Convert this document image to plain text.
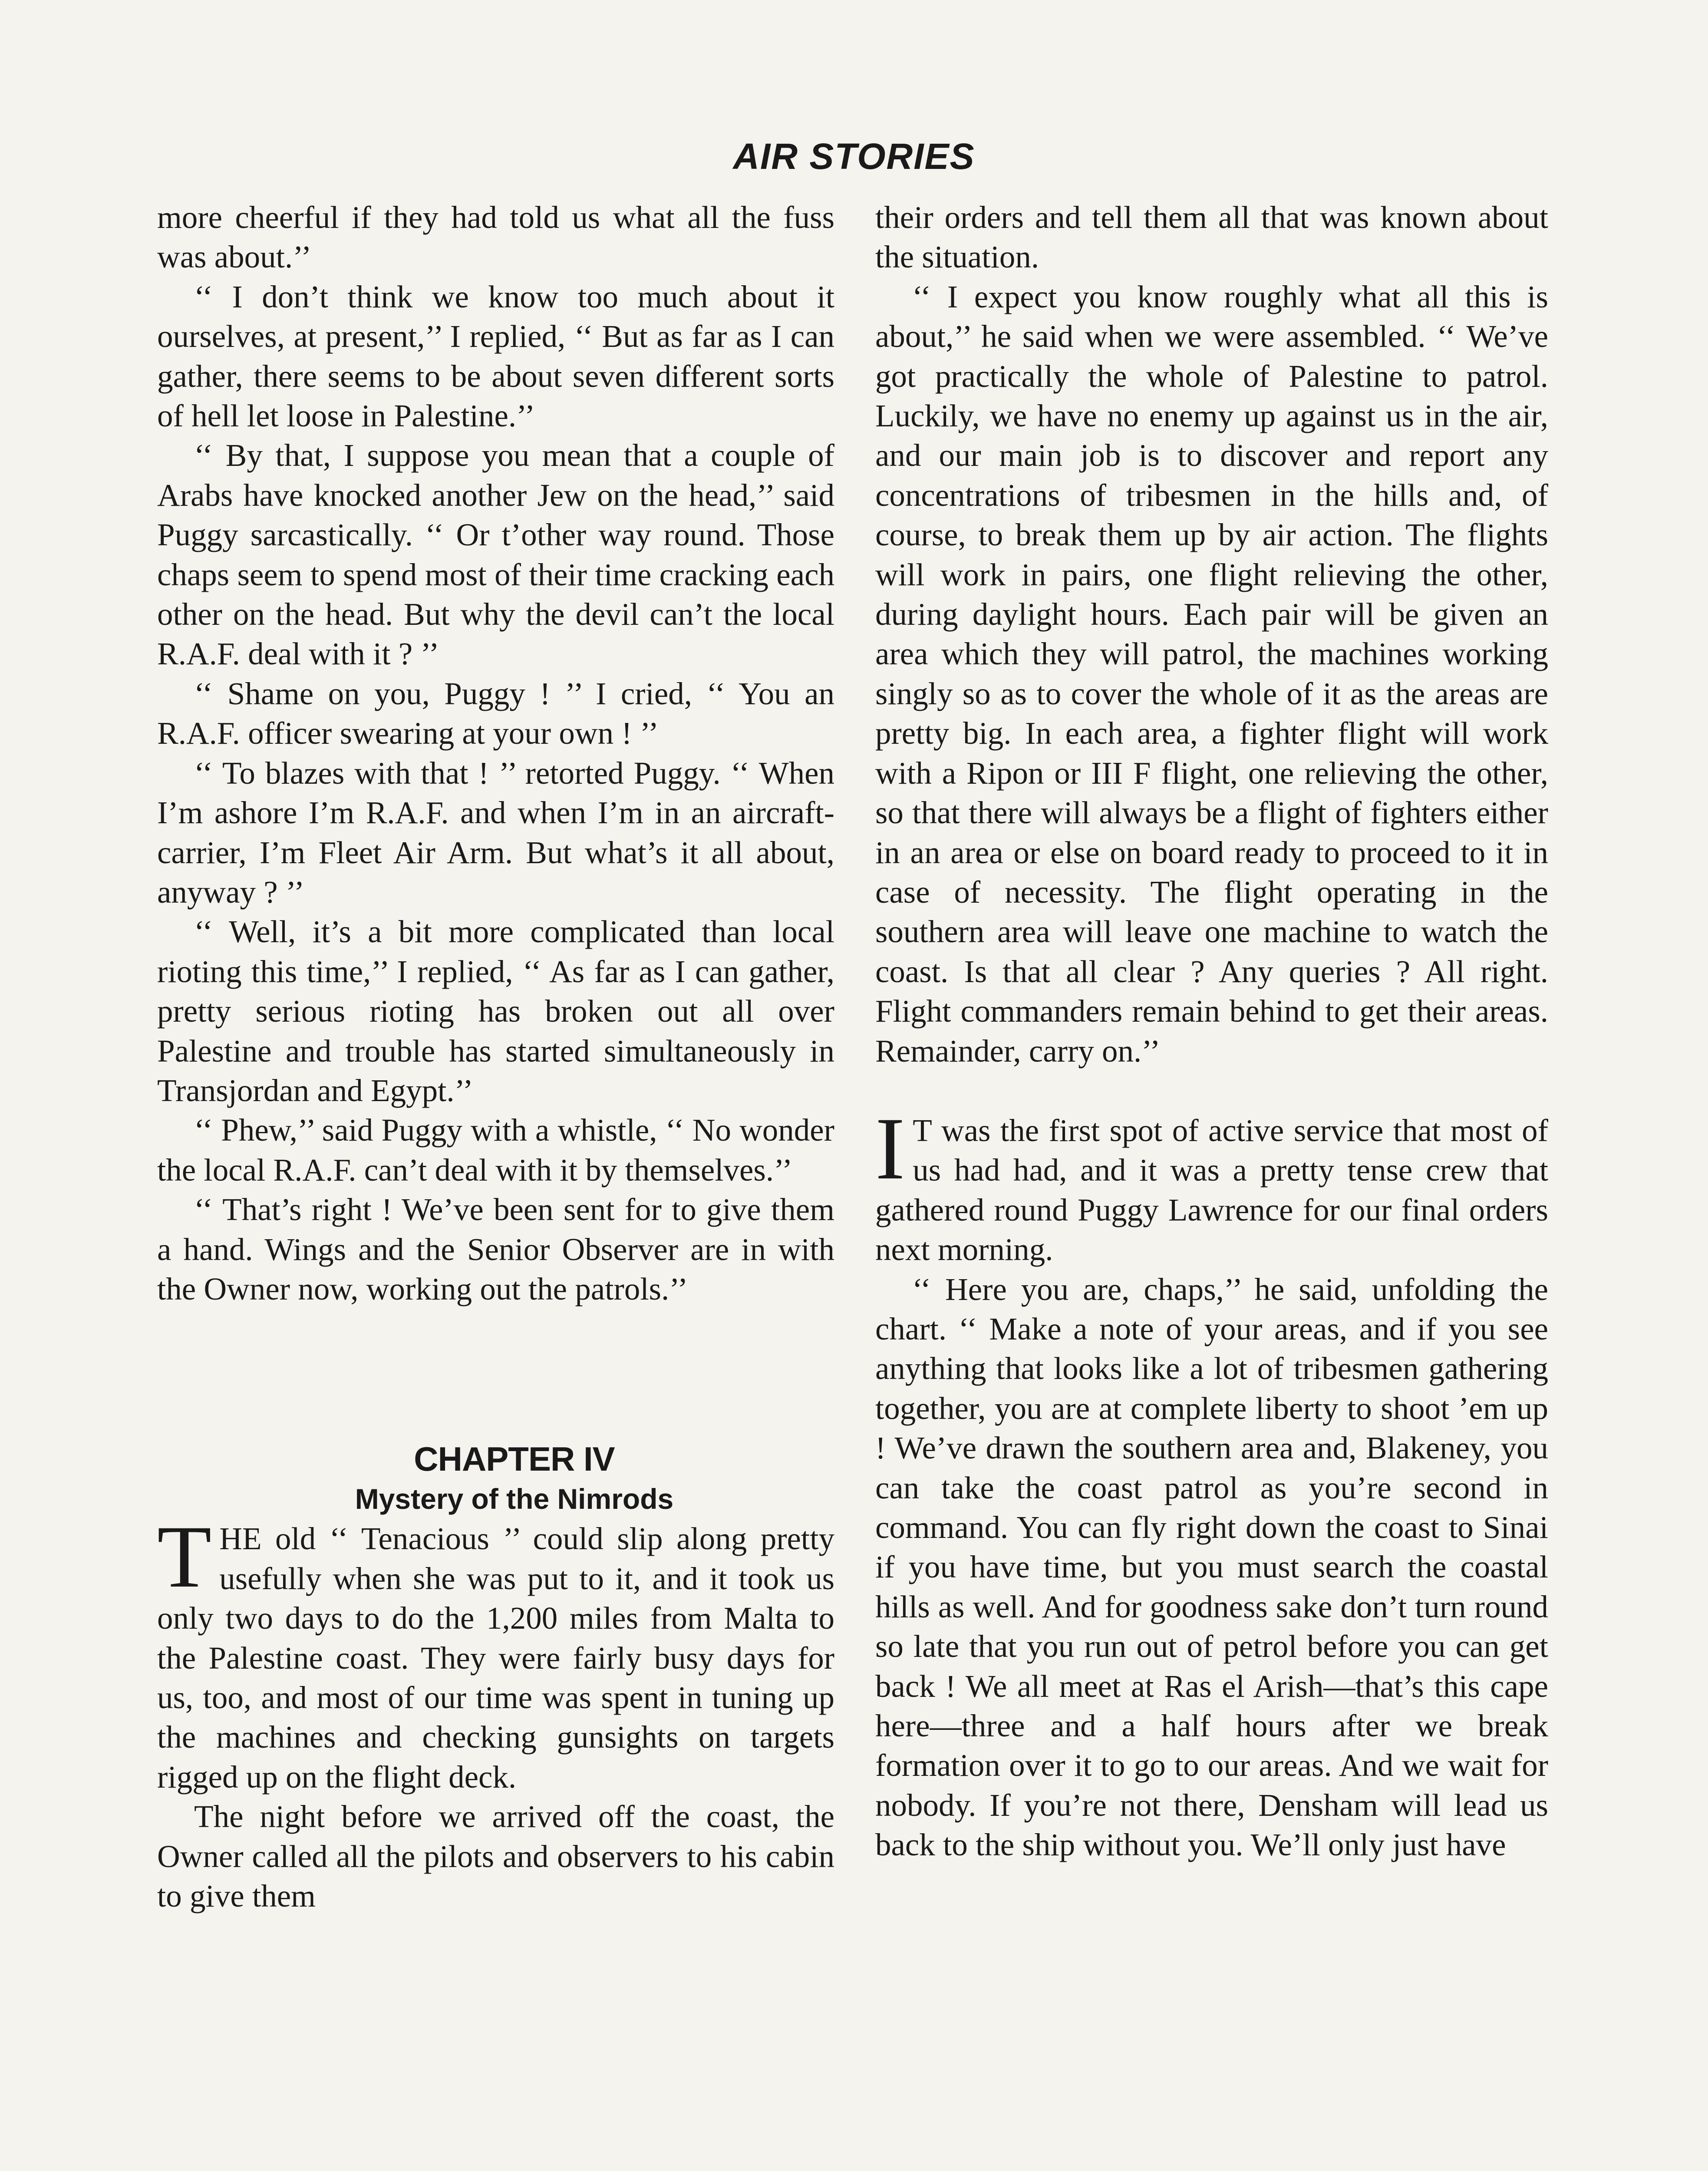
AIR STORIES

more cheerful if they had told us what all the fuss was about.’’

‘‘ I don’t think we know too much about it ourselves, at present,’’ I replied, ‘‘ But as far as I can gather, there seems to be about seven different sorts of hell let loose in Palestine.’’

‘‘ By that, I suppose you mean that a couple of Arabs have knocked another Jew on the head,’’ said Puggy sarcastically. ‘‘ Or t’other way round. Those chaps seem to spend most of their time cracking each other on the head. But why the devil can’t the local R.A.F. deal with it ? ’’

‘‘ Shame on you, Puggy ! ’’ I cried, ‘‘ You an R.A.F. officer swearing at your own ! ’’

‘‘ To blazes with that ! ’’ retorted Puggy. ‘‘ When I’m ashore I’m R.A.F. and when I’m in an aircraft-carrier, I’m Fleet Air Arm. But what’s it all about, anyway ? ’’

‘‘ Well, it’s a bit more complicated than local rioting this time,’’ I replied, ‘‘ As far as I can gather, pretty serious rioting has broken out all over Palestine and trouble has started simultaneously in Transjordan and Egypt.’’

‘‘ Phew,’’ said Puggy with a whistle, ‘‘ No wonder the local R.A.F. can’t deal with it by themselves.’’

‘‘ That’s right ! We’ve been sent for to give them a hand. Wings and the Senior Observer are in with the Owner now, working out the patrols.’’

CHAPTER IV

Mystery of the Nimrods

THE old ‘‘ Tenacious ’’ could slip along pretty usefully when she was put to it, and it took us only two days to do the 1,200 miles from Malta to the Palestine coast. They were fairly busy days for us, too, and most of our time was spent in tuning up the machines and checking gunsights on targets rigged up on the flight deck.

The night before we arrived off the coast, the Owner called all the pilots and observers to his cabin to give them

their orders and tell them all that was known about the situation.

‘‘ I expect you know roughly what all this is about,’’ he said when we were assembled. ‘‘ We’ve got practically the whole of Palestine to patrol. Luckily, we have no enemy up against us in the air, and our main job is to discover and report any concentrations of tribesmen in the hills and, of course, to break them up by air action. The flights will work in pairs, one flight relieving the other, during daylight hours. Each pair will be given an area which they will patrol, the machines working singly so as to cover the whole of it as the areas are pretty big. In each area, a fighter flight will work with a Ripon or III F flight, one relieving the other, so that there will always be a flight of fighters either in an area or else on board ready to proceed to it in case of necessity. The flight operating in the southern area will leave one machine to watch the coast. Is that all clear ? Any queries ? All right. Flight commanders remain behind to get their areas. Remainder, carry on.’’

I T was the first spot of active service that most of us had had, and it was a pretty tense crew that gathered round Puggy Lawrence for our final orders next morning.

‘‘ Here you are, chaps,’’ he said, unfolding the chart. ‘‘ Make a note of your areas, and if you see anything that looks like a lot of tribesmen gathering together, you are at complete liberty to shoot ’em up ! We’ve drawn the southern area and, Blakeney, you can take the coast patrol as you’re second in command. You can fly right down the coast to Sinai if you have time, but you must search the coastal hills as well. And for goodness sake don’t turn round so late that you run out of petrol before you can get back ! We all meet at Ras el Arish—that’s this cape here—three and a half hours after we break formation over it to go to our areas. And we wait for nobody. If you’re not there, Densham will lead us back to the ship without you. We’ll only just have
